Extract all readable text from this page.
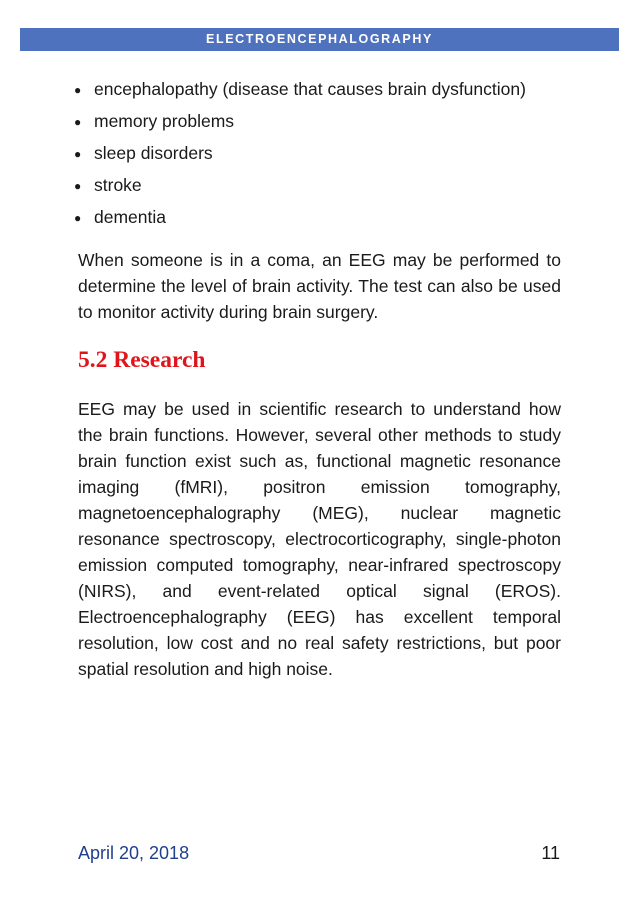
ELECTROENCEPHALOGRAPHY
● encephalopathy (disease that causes brain dysfunction)
● memory problems
● sleep disorders
● stroke
● dementia

When someone is in a coma, an EEG may be performed to determine the level of brain activity. The test can also be used to monitor activity during brain surgery.

5.2 Research

EEG may be used in scientific research to understand how the brain functions. However, several other methods to study brain function exist such as, functional magnetic resonance imaging (fMRI), positron emission tomography, magnetoencephalography (MEG), nuclear magnetic resonance spectroscopy, electrocorticography, single-photon emission computed tomography, near-infrared spectroscopy (NIRS), and event-related optical signal (EROS). Electroencephalography (EEG) has excellent temporal resolution, low cost and no real safety restrictions, but poor spatial resolution and high noise.

April 20, 2018	11
